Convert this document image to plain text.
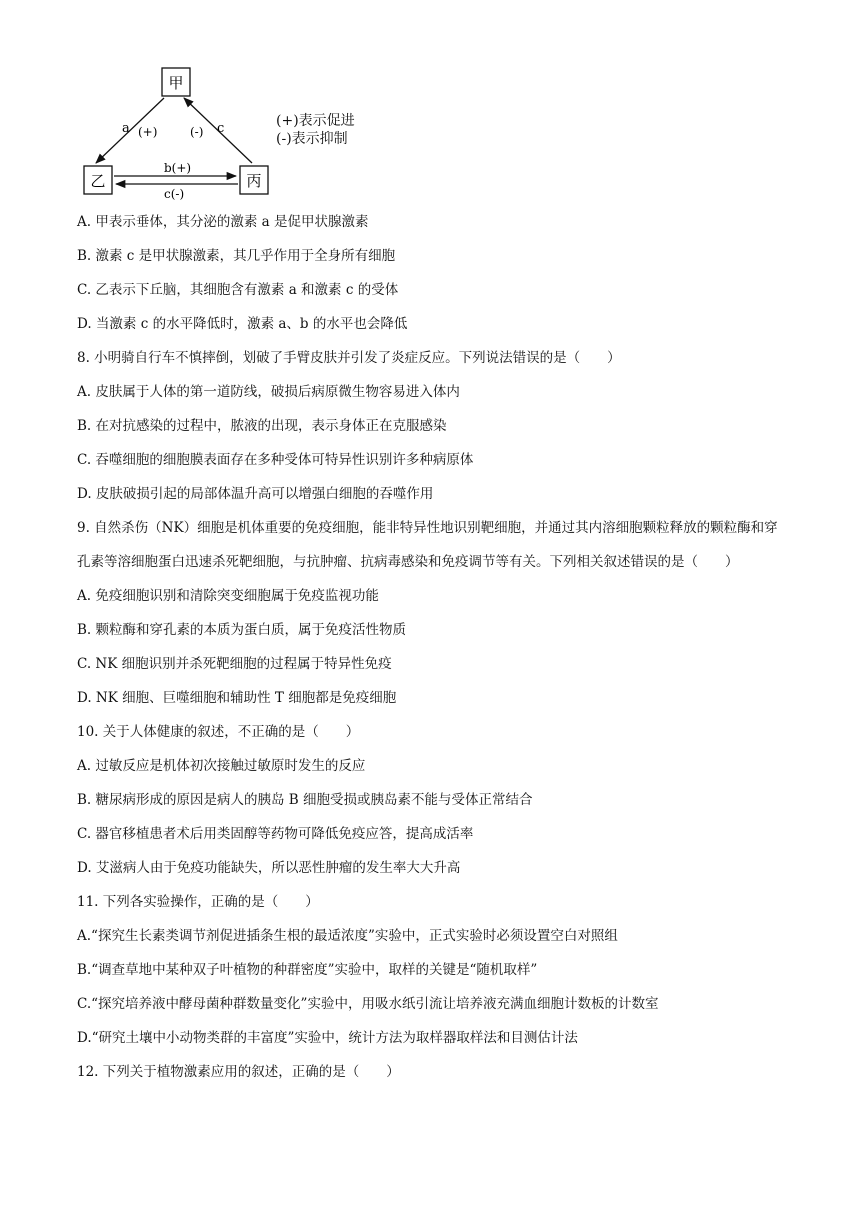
甲
乙	丙
a (+)	(-) c
b(+)
c(-)
(+)表示促进
(-)表示抑制
A. 甲表示垂体，其分泌的激素 a 是促甲状腺激素
B. 激素 c 是甲状腺激素，其几乎作用于全身所有细胞
C. 乙表示下丘脑，其细胞含有激素 a 和激素 c 的受体
D. 当激素 c 的水平降低时，激素 a、b 的水平也会降低
8. 小明骑自行车不慎摔倒，划破了手臂皮肤并引发了炎症反应。下列说法错误的是（　　）
A. 皮肤属于人体的第一道防线，破损后病原微生物容易进入体内
B. 在对抗感染的过程中，脓液的出现，表示身体正在克服感染
C. 吞噬细胞的细胞膜表面存在多种受体可特异性识别许多种病原体
D. 皮肤破损引起的局部体温升高可以增强白细胞的吞噬作用
9. 自然杀伤（NK）细胞是机体重要的免疫细胞，能非特异性地识别靶细胞，并通过其内溶细胞颗粒释放的颗粒酶和穿孔素等溶细胞蛋白迅速杀死靶细胞，与抗肿瘤、抗病毒感染和免疫调节等有关。下列相关叙述错误的是（　　）
A. 免疫细胞识别和清除突变细胞属于免疫监视功能
B. 颗粒酶和穿孔素的本质为蛋白质，属于免疫活性物质
C. NK 细胞识别并杀死靶细胞的过程属于特异性免疫
D. NK 细胞、巨噬细胞和辅助性 T 细胞都是免疫细胞
10. 关于人体健康的叙述，不正确的是（　　）
A. 过敏反应是机体初次接触过敏原时发生的反应
B. 糖尿病形成的原因是病人的胰岛 B 细胞受损或胰岛素不能与受体正常结合
C. 器官移植患者术后用类固醇等药物可降低免疫应答，提高成活率
D. 艾滋病人由于免疫功能缺失，所以恶性肿瘤的发生率大大升高
11. 下列各实验操作，正确的是（　　）
A.“探究生长素类调节剂促进插条生根的最适浓度”实验中，正式实验时必须设置空白对照组
B.“调查草地中某种双子叶植物的种群密度”实验中，取样的关键是“随机取样”
C.“探究培养液中酵母菌种群数量变化”实验中，用吸水纸引流让培养液充满血细胞计数板的计数室
D.“研究土壤中小动物类群的丰富度”实验中，统计方法为取样器取样法和目测估计法
12. 下列关于植物激素应用的叙述，正确的是（　　）
